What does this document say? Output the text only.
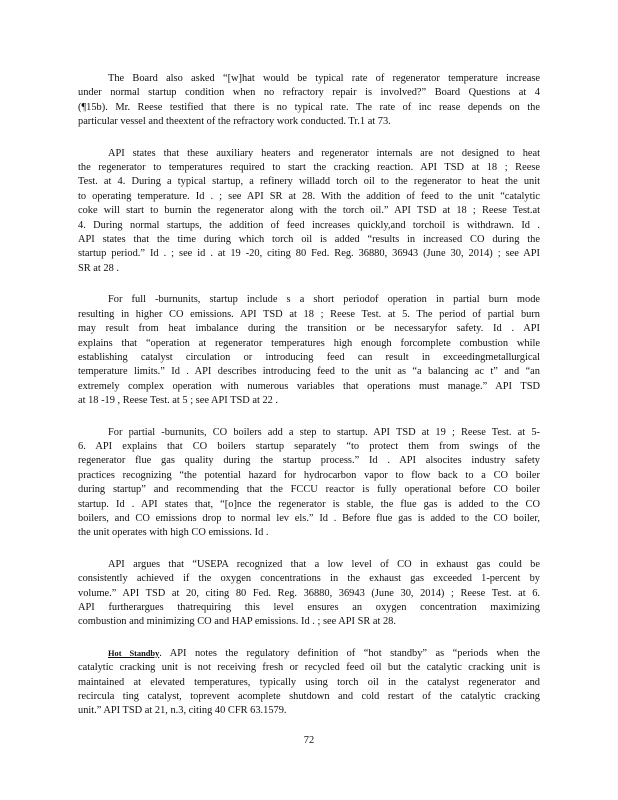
The Board also asked “[w]hat would be typical rate of regenerator temperature increase
under normal startup condition when no refractory repair is involved?” Board Questions at 4
(¶15b). Mr. Reese testified that there is no typical rate. The rate of inc rease depends on the
particular vessel and theextent of the refractory work conducted. Tr.1 at 73.
API states that these auxiliary heaters and regenerator internals are not designed to heat
the regenerator to temperatures required to start the cracking reaction. API TSD at 18 ; Reese
Test. at 4. During a typical startup, a refinery willadd torch oil to the regenerator to heat the unit
to operating temperature. Id . ; see API SR at 28. With the addition of feed to the unit “catalytic
coke will start to burnin the regenerator along with the torch oil.” API TSD at 18 ; Reese Test.at
4. During normal startups, the addition of feed increases quickly,and torchoil is withdrawn. Id .
API states that the time during which torch oil is added “results in increased CO during the
startup period.” Id . ; see id . at 19 -20, citing 80 Fed. Reg. 36880, 36943 (June 30, 2014) ; see API
SR at 28 .
For full -burnunits, startup include s a short periodof operation in partial burn mode
resulting in higher CO emissions. API TSD at 18 ; Reese Test. at 5. The period of partial burn
may result from heat imbalance during the transition or be necessaryfor safety. Id . API
explains that “operation at regenerator temperatures high enough forcomplete combustion while
establishing catalyst circulation or introducing feed can result in exceedingmetallurgical
temperature limits.” Id . API describes introducing feed to the unit as “a balancing ac t” and “an
extremely complex operation with numerous variables that operations must manage.” API TSD
at 18 -19 , Reese Test. at 5 ; see API TSD at 22 .
For partial -burnunits, CO boilers add a step to startup. API TSD at 19 ; Reese Test. at 5-
6. API explains that CO boilers startup separately “to protect them from swings of the
regenerator flue gas quality during the startup process.” Id . API alsocites industry safety
practices recognizing “the potential hazard for hydrocarbon vapor to flow back to a CO boiler
during startup” and recommending that the FCCU reactor is fully operational before CO boiler
startup. Id . API states that, “[o]nce the regenerator is stable, the flue gas is added to the CO
boilers, and CO emissions drop to normal lev els.” Id . Before flue gas is added to the CO boiler,
the unit operates with high CO emissions. Id .
API argues that “USEPA recognized that a low level of CO in exhaust gas could be
consistently achieved if the oxygen concentrations in the exhaust gas exceeded 1-percent by
volume.” API TSD at 20, citing 80 Fed. Reg. 36880, 36943 (June 30, 2014) ; Reese Test. at 6.
API furtherargues thatrequiring this level ensures an oxygen concentration maximizing
combustion and minimizing CO and HAP emissions. Id . ; see API SR at 28.
Hot Standby. API notes the regulatory definition of “hot standby” as “periods when the
catalytic cracking unit is not receiving fresh or recycled feed oil but the catalytic cracking unit is
maintained at elevated temperatures, typically using torch oil in the catalyst regenerator and
recircula ting catalyst, toprevent acomplete shutdown and cold restart of the catalytic cracking
unit.” API TSD at 21, n.3, citing 40 CFR 63.1579.
72
